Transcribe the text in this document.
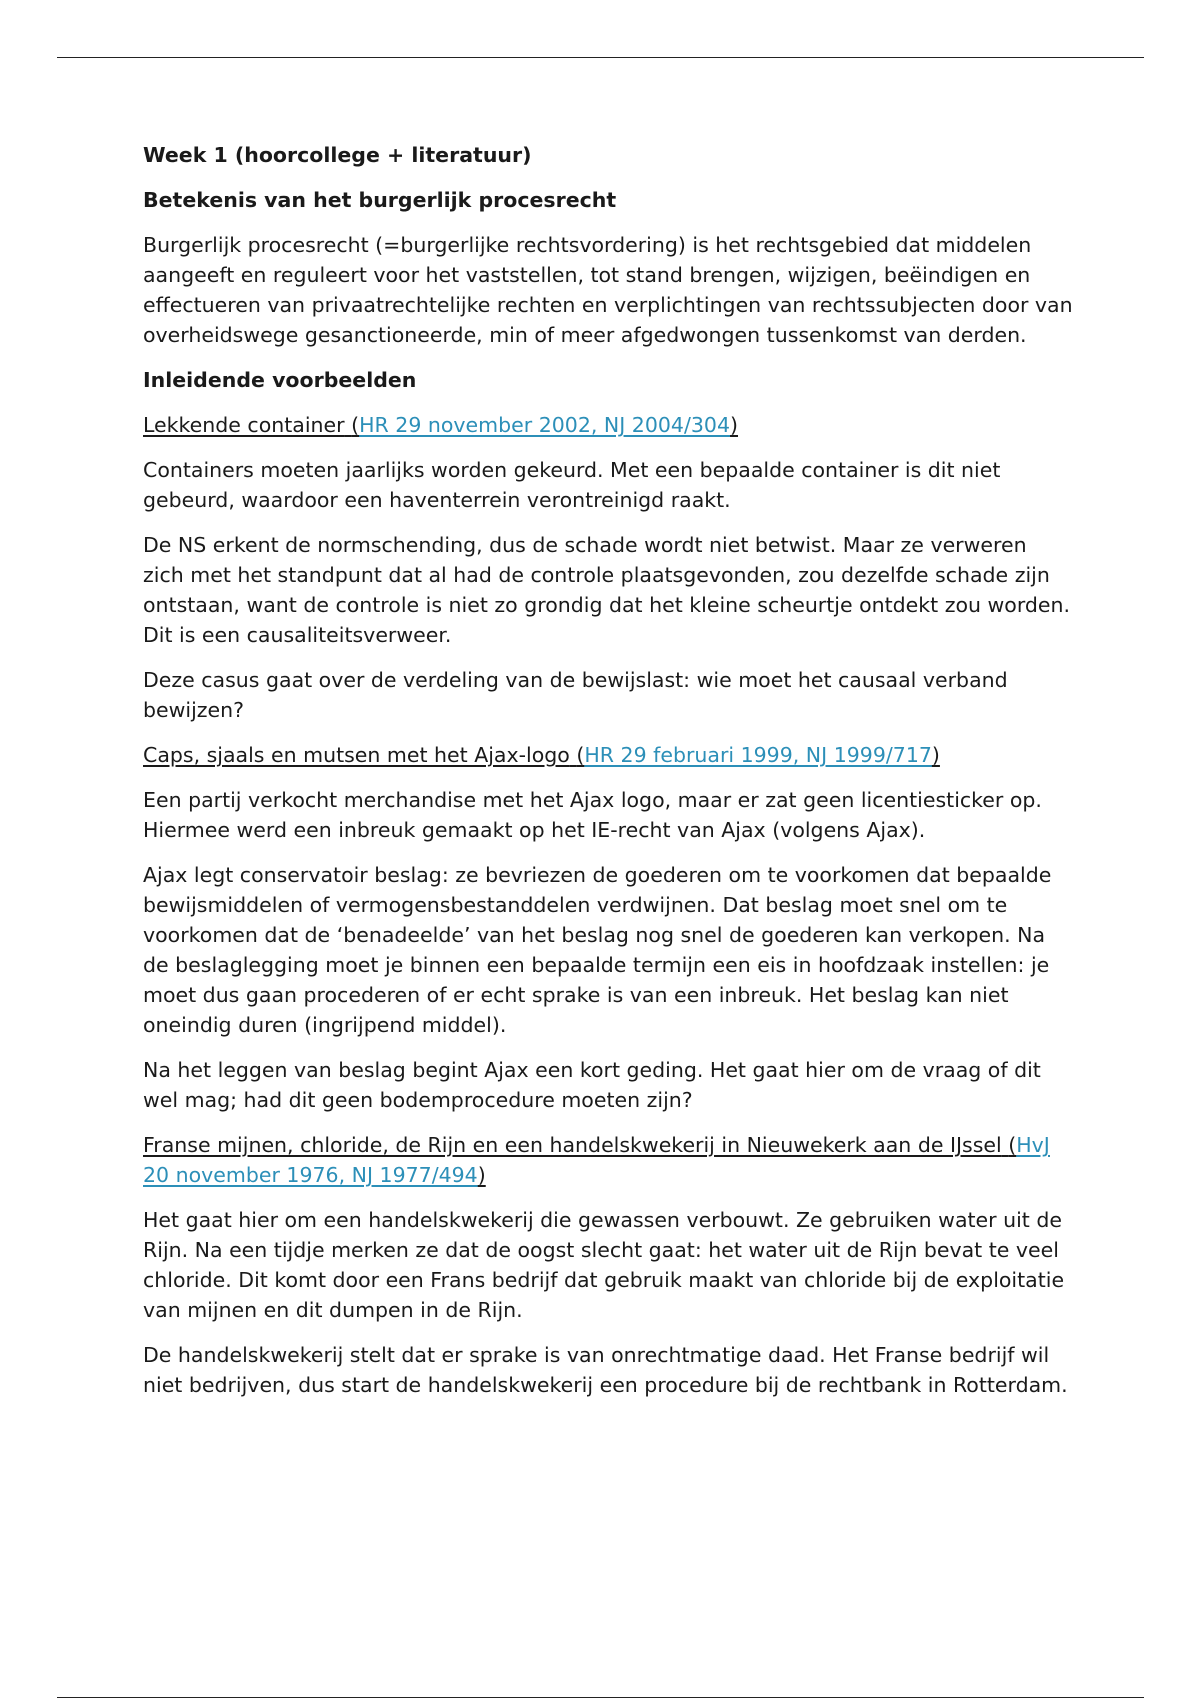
Week 1 (hoorcollege + literatuur)
Betekenis van het burgerlijk procesrecht

Burgerlijk procesrecht (=burgerlijke rechtsvordering) is het rechtsgebied dat middelen aangeeft en reguleert voor het vaststellen, tot stand brengen, wijzigen, beëindigen en effectueren van privaatrechtelijke rechten en verplichtingen van rechtssubjecten door van overheidswege gesanctioneerde, min of meer afgedwongen tussenkomst van derden.

Inleidende voorbeelden
Lekkende container (HR 29 november 2002, NJ 2004/304)

Containers moeten jaarlijks worden gekeurd. Met een bepaalde container is dit niet gebeurd, waardoor een haventerrein verontreinigd raakt.

De NS erkent de normschending, dus de schade wordt niet betwist. Maar ze verweren zich met het standpunt dat al had de controle plaatsgevonden, zou dezelfde schade zijn ontstaan, want de controle is niet zo grondig dat het kleine scheurtje ontdekt zou worden. Dit is een causaliteitsverweer.

Deze casus gaat over de verdeling van de bewijslast: wie moet het causaal verband bewijzen?

Caps, sjaals en mutsen met het Ajax-logo (HR 29 februari 1999, NJ 1999/717)

Een partij verkocht merchandise met het Ajax logo, maar er zat geen licentiesticker op. Hiermee werd een inbreuk gemaakt op het IE-recht van Ajax (volgens Ajax).

Ajax legt conservatoir beslag: ze bevriezen de goederen om te voorkomen dat bepaalde bewijsmiddelen of vermogensbestanddelen verdwijnen. Dat beslag moet snel om te voorkomen dat de ‘benadeelde’ van het beslag nog snel de goederen kan verkopen. Na de beslaglegging moet je binnen een bepaalde termijn een eis in hoofdzaak instellen: je moet dus gaan procederen of er echt sprake is van een inbreuk. Het beslag kan niet oneindig duren (ingrijpend middel).

Na het leggen van beslag begint Ajax een kort geding. Het gaat hier om de vraag of dit wel mag; had dit geen bodemprocedure moeten zijn?

Franse mijnen, chloride, de Rijn en een handelskwekerij in Nieuwekerk aan de IJssel (HvJ 20 november 1976, NJ 1977/494)

Het gaat hier om een handelskwekerij die gewassen verbouwt. Ze gebruiken water uit de Rijn. Na een tijdje merken ze dat de oogst slecht gaat: het water uit de Rijn bevat te veel chloride. Dit komt door een Frans bedrijf dat gebruik maakt van chloride bij de exploitatie van mijnen en dit dumpen in de Rijn.

De handelskwekerij stelt dat er sprake is van onrechtmatige daad. Het Franse bedrijf wil niet bedrijven, dus start de handelskwekerij een procedure bij de rechtbank in Rotterdam.
